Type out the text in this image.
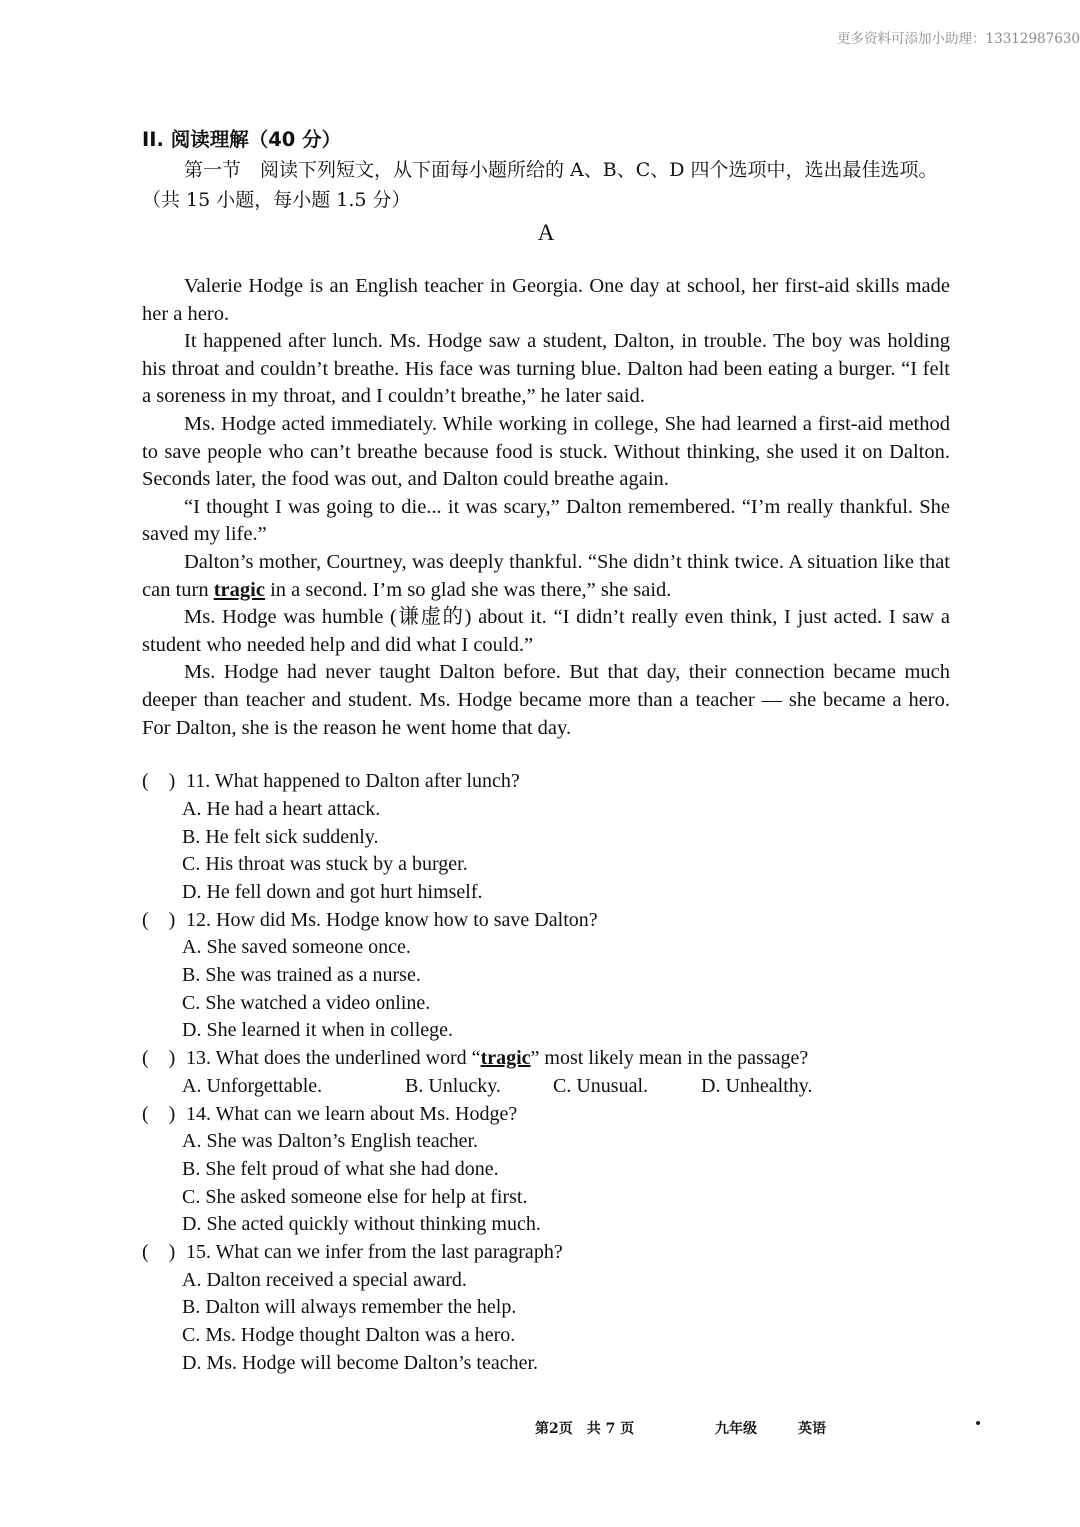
更多资料可添加小助理：13312987630
II. 阅读理解（40 分）

第一节　阅读下列短文，从下面每小题所给的 A、B、C、D 四个选项中，选出最佳选项。（共 15 小题，每小题 1.5 分）

A

Valerie Hodge is an English teacher in Georgia. One day at school, her first-aid skills made her a hero.

It happened after lunch. Ms. Hodge saw a student, Dalton, in trouble. The boy was holding his throat and couldn’t breathe. His face was turning blue. Dalton had been eating a burger. “I felt a soreness in my throat, and I couldn’t breathe,” he later said.

Ms. Hodge acted immediately. While working in college, She had learned a first-aid method to save people who can’t breathe because food is stuck. Without thinking, she used it on Dalton. Seconds later, the food was out, and Dalton could breathe again.

“I thought I was going to die... it was scary,” Dalton remembered. “I’m really thankful. She saved my life.”

Dalton’s mother, Courtney, was deeply thankful. “She didn’t think twice. A situation like that can turn tragic in a second. I’m so glad she was there,” she said.

Ms. Hodge was humble (谦虚的) about it. “I didn’t really even think, I just acted. I saw a student who needed help and did what I could.”

Ms. Hodge had never taught Dalton before. But that day, their connection became much deeper than teacher and student. Ms. Hodge became more than a teacher — she became a hero. For Dalton, she is the reason he went home that day.

(　) 11. What happened to Dalton after lunch?
A. He had a heart attack.
B. He felt sick suddenly.
C. His throat was stuck by a burger.
D. He fell down and got hurt himself.
(　) 12. How did Ms. Hodge know how to save Dalton?
A. She saved someone once.
B. She was trained as a nurse.
C. She watched a video online.
D. She learned it when in college.
(　) 13. What does the underlined word “tragic” most likely mean in the passage?
A. Unforgettable.	B. Unlucky.	C. Unusual.	D. Unhealthy.
(　) 14. What can we learn about Ms. Hodge?
A. She was Dalton’s English teacher.
B. She felt proud of what she had done.
C. She asked someone else for help at first.
D. She acted quickly without thinking much.
(　) 15. What can we infer from the last paragraph?
A. Dalton received a special award.
B. Dalton will always remember the help.
C. Ms. Hodge thought Dalton was a hero.
D. Ms. Hodge will become Dalton’s teacher.
第2页　共 7 页	九年级	英语
